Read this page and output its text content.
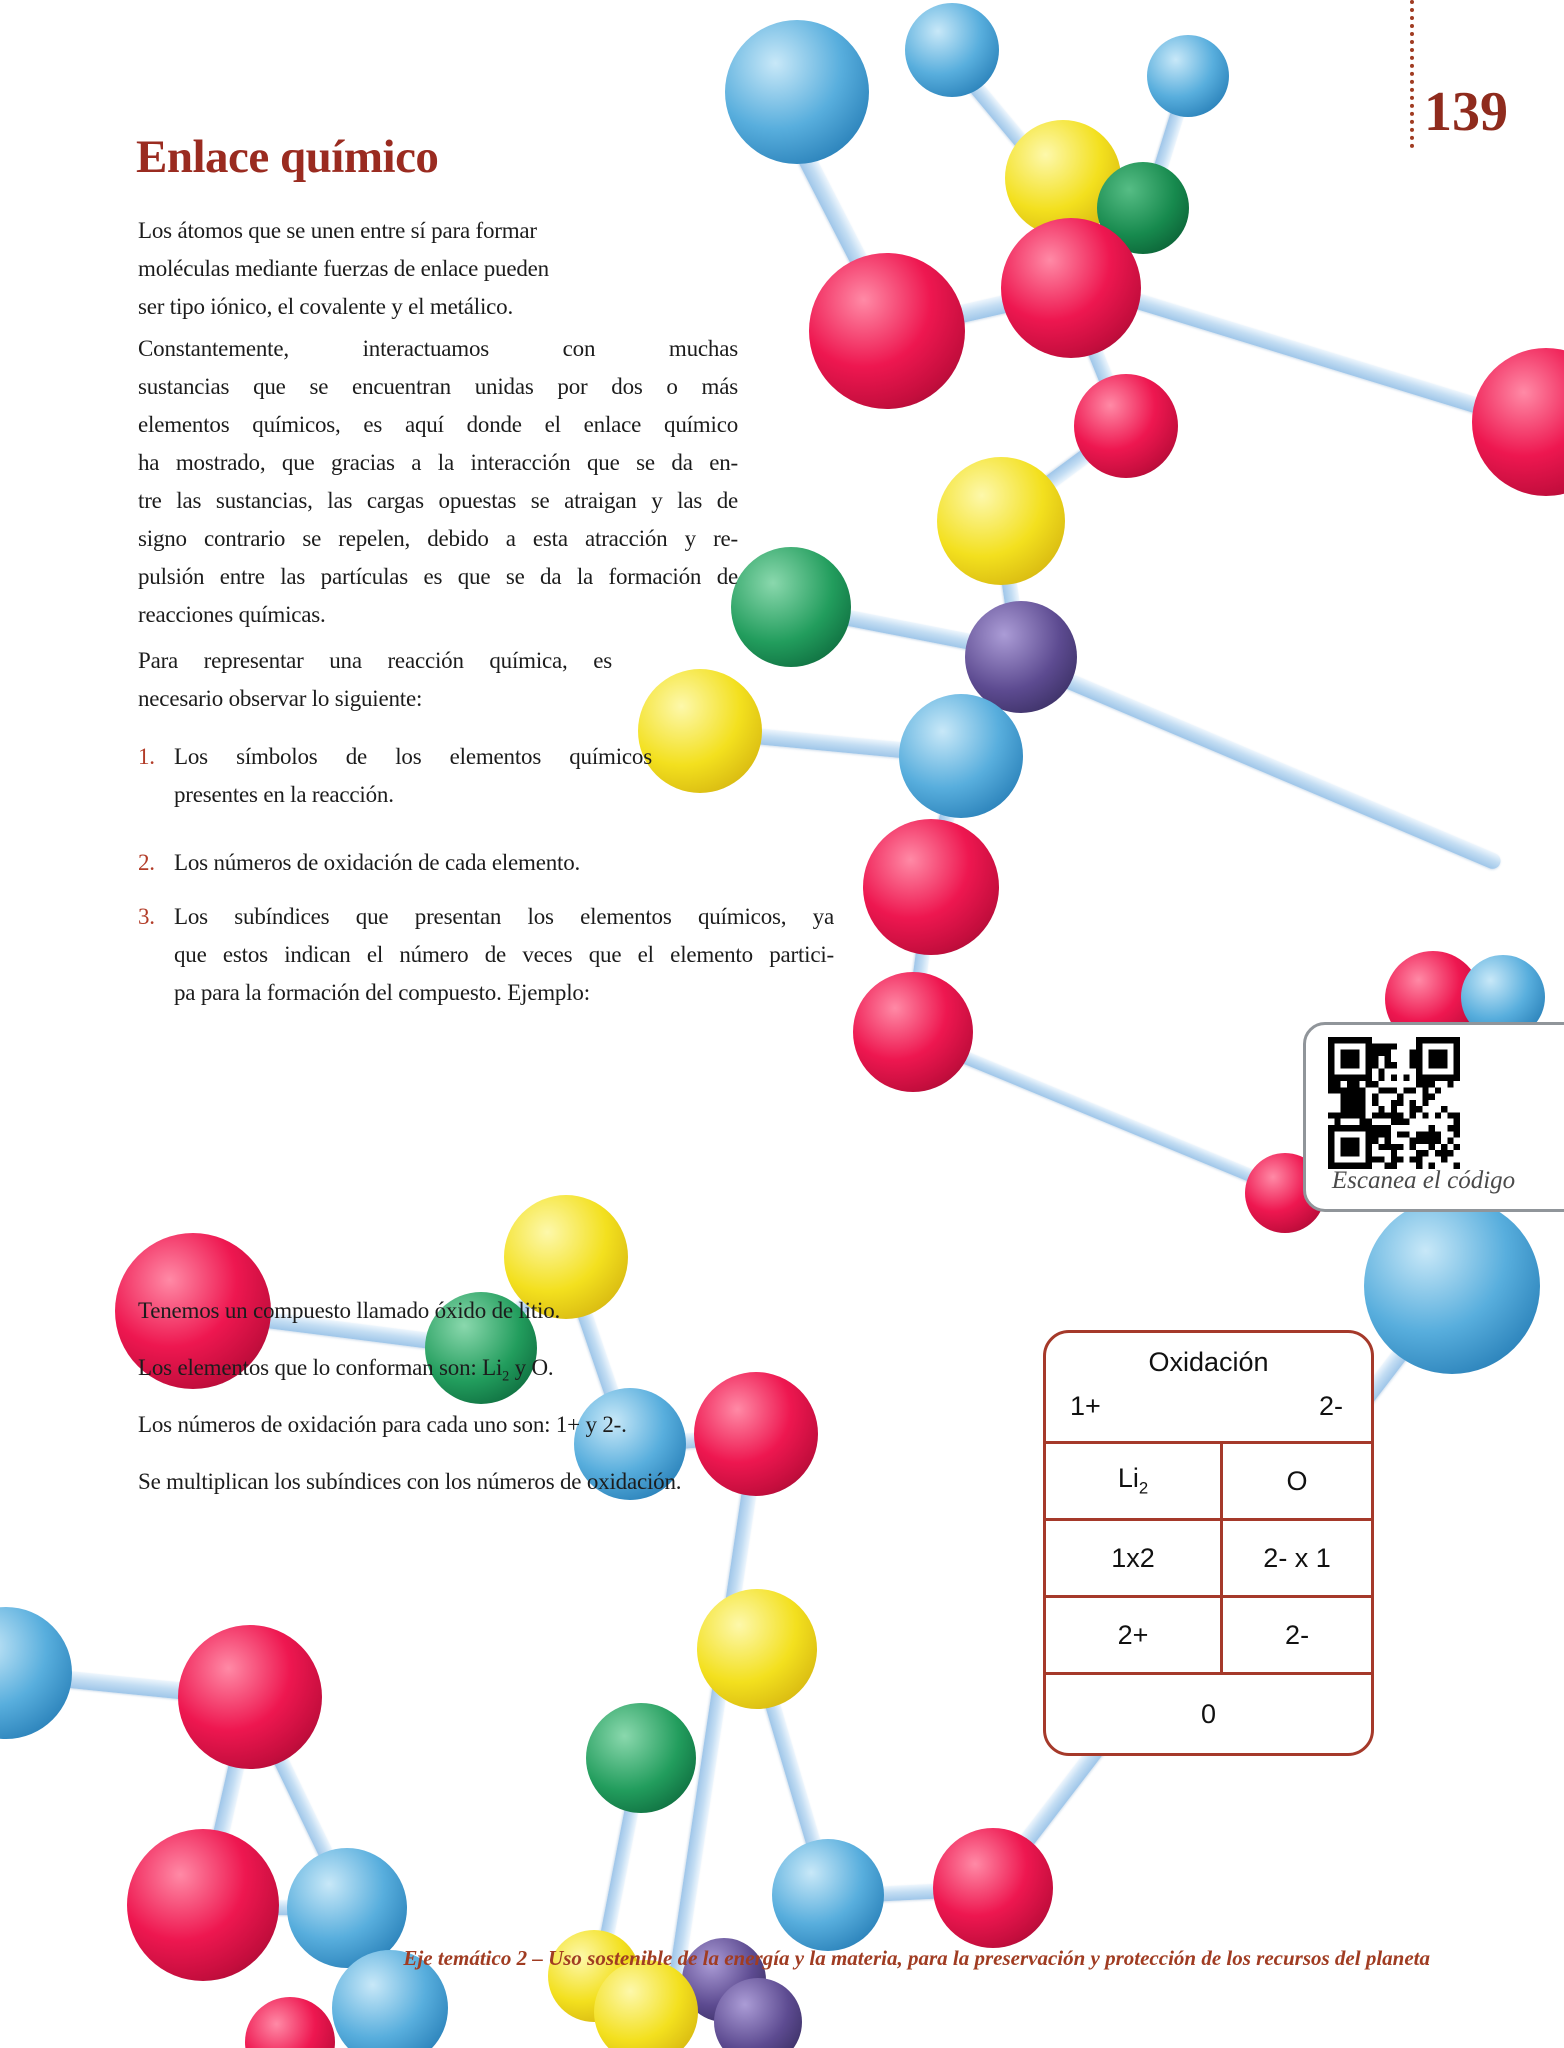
139
Enlace químico
Los átomos que se unen entre sí para formar
moléculas mediante fuerzas de enlace pueden
ser tipo iónico, el covalente y el metálico.
Constantemente, interactuamos con muchas
sustancias que se encuentran unidas por dos o más
elementos químicos, es aquí donde el enlace químico
ha mostrado, que gracias a la interacción que se da en-
tre las sustancias, las cargas opuestas se atraigan y las de
signo contrario se repelen, debido a esta atracción y re-
pulsión entre las partículas es que se da la formación de
reacciones químicas.
Para representar una reacción química, es
necesario observar lo siguiente:
1. Los símbolos de los elementos químicos
presentes en la reacción.
2. Los números de oxidación de cada elemento.
3. Los subíndices que presentan los elementos químicos, ya
que estos indican el número de veces que el elemento partici-
pa para la formación del compuesto. Ejemplo:
Tenemos un compuesto llamado óxido de litio.
Los elementos que lo conforman son: $Li_2$ y O.
Los números de oxidación para cada uno son: 1+ y 2-.
Se multiplican los subíndices con los números de oxidación.
Oxidación
1+	2-
$Li_2$	O
1x2	2- x 1
2+	2-
0
Escanea el código
Eje temático 2 – Uso sostenible de la energía y la materia, para la preservación y protección de los recursos del planeta
